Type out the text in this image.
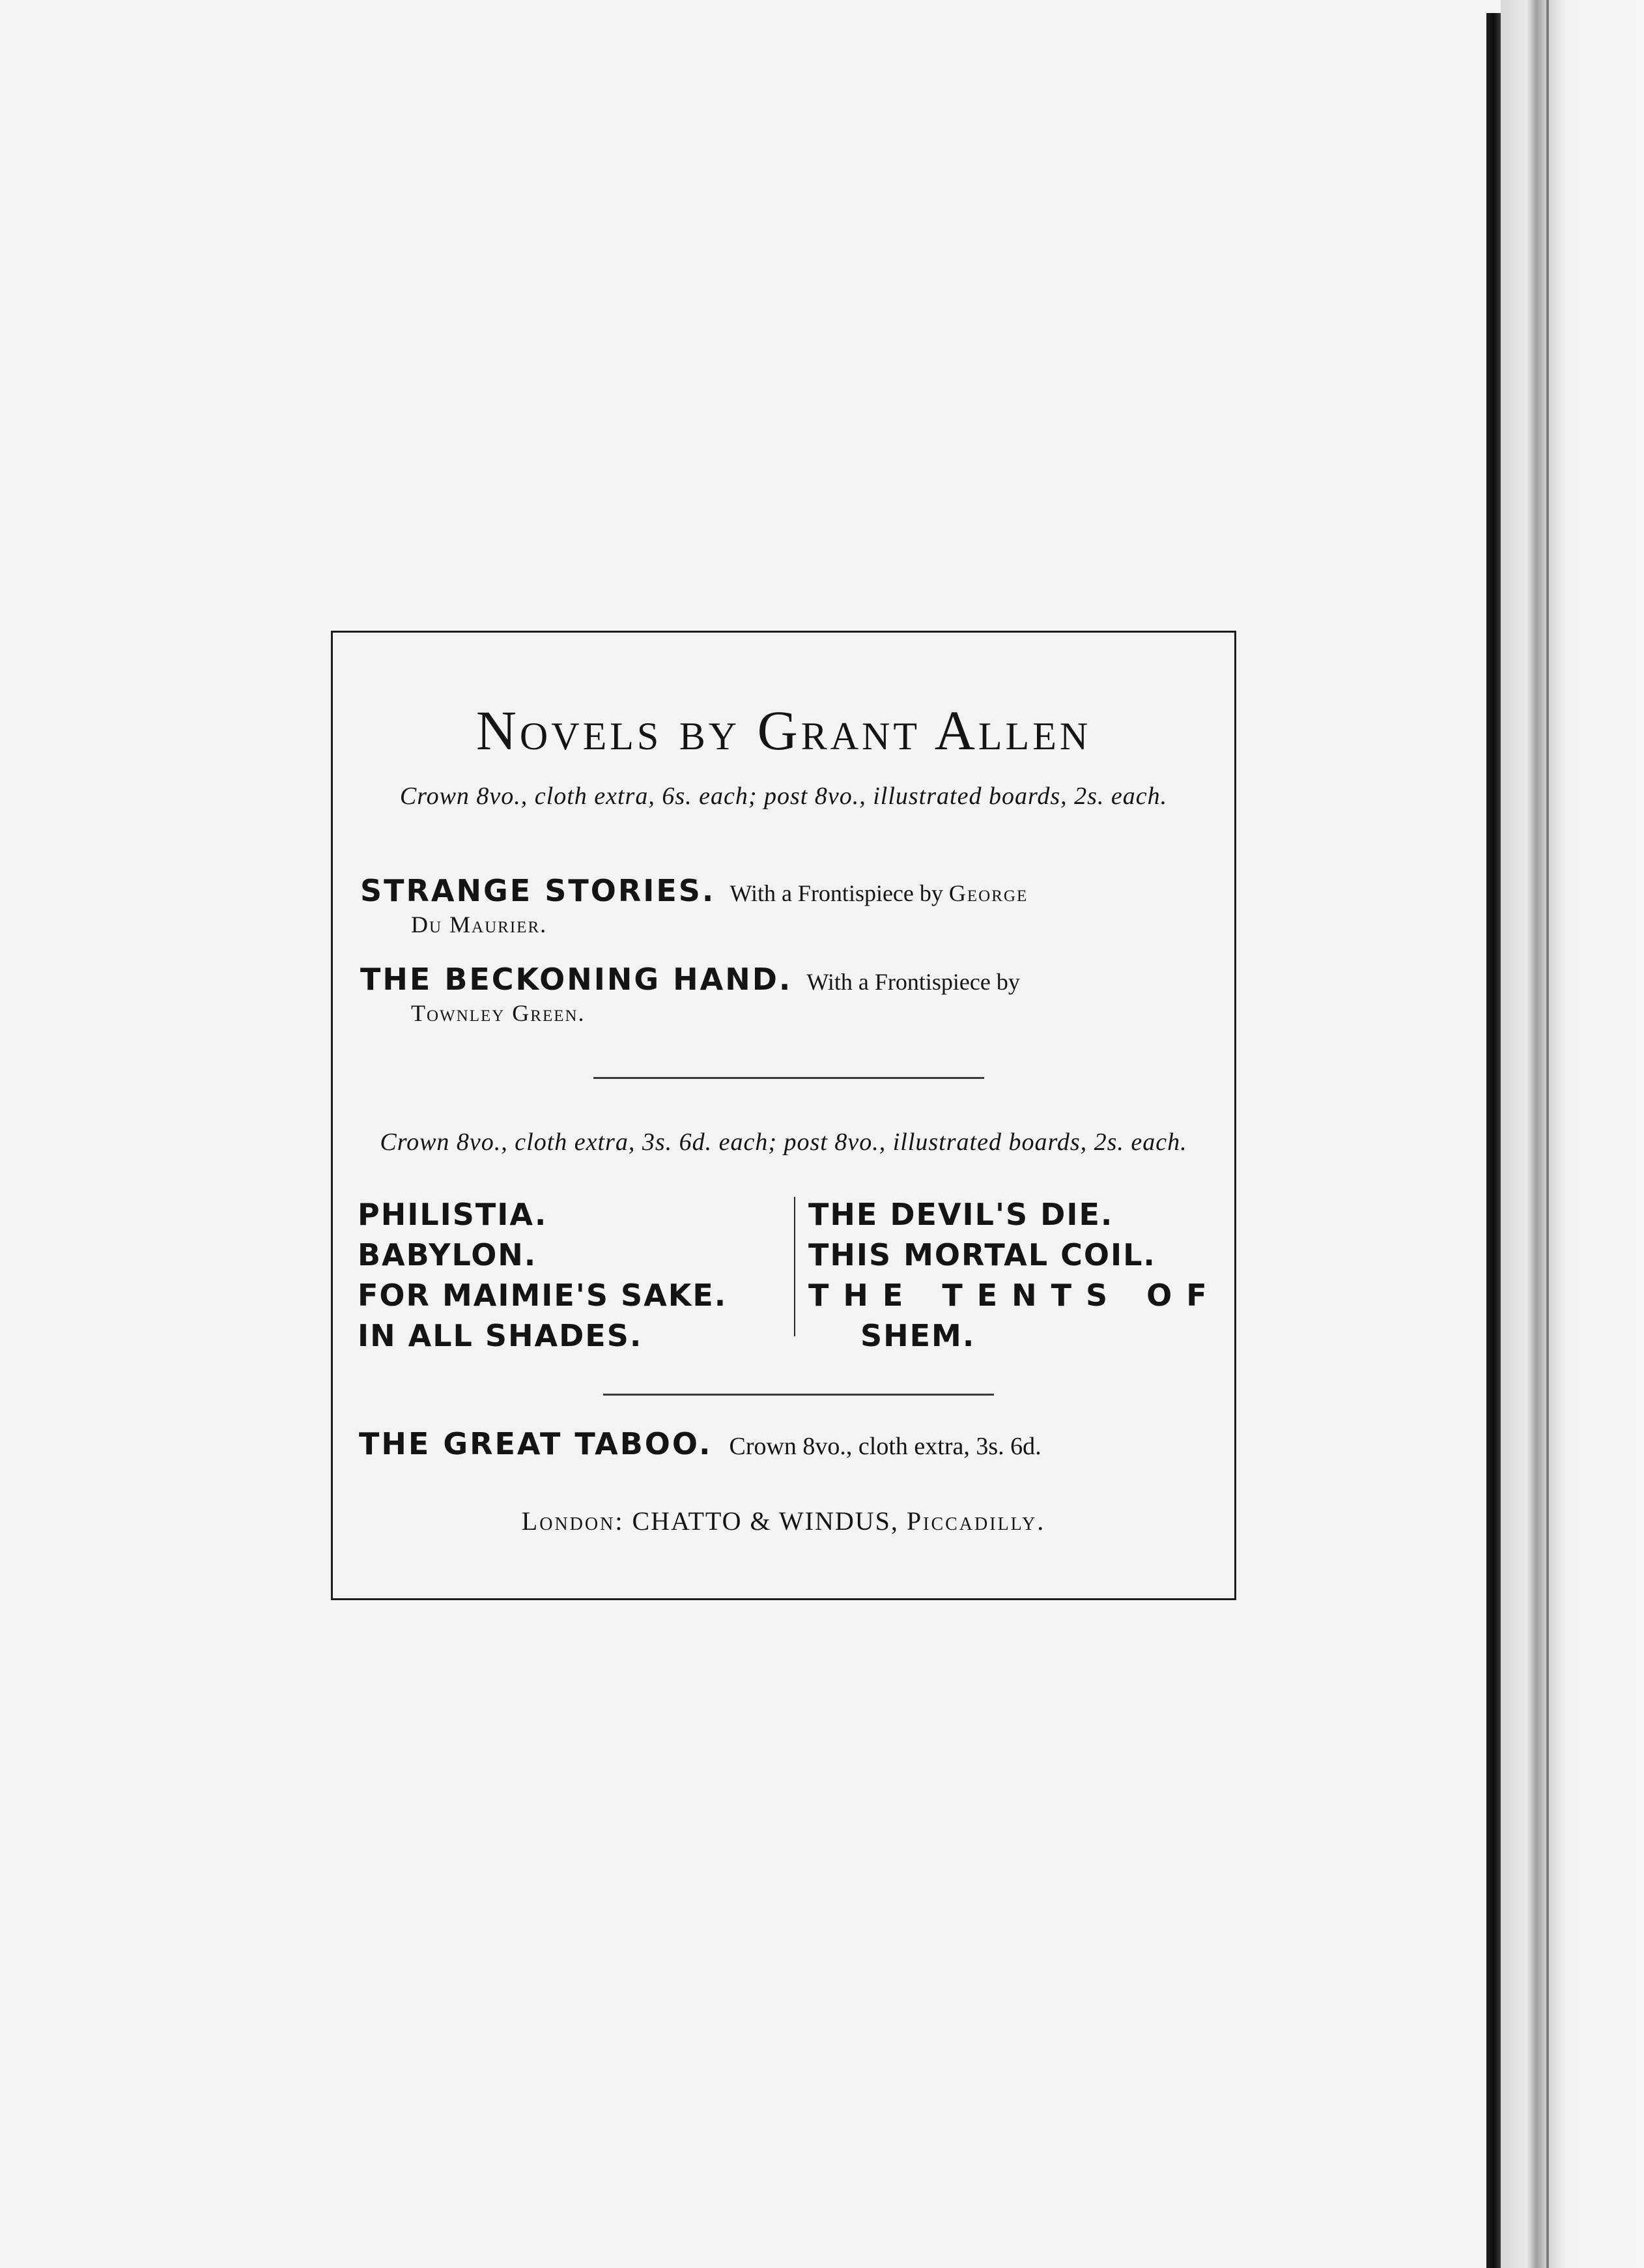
Novels by Grant Allen
Crown 8vo., cloth extra, 6s. each; post 8vo., illustrated boards, 2s. each.
STRANGE STORIES. With a Frontispiece by George
Du Maurier.
THE BECKONING HAND. With a Frontispiece by
Townley Green.
Crown 8vo., cloth extra, 3s. 6d. each; post 8vo., illustrated boards, 2s. each.
PHILISTIA.
BABYLON.
FOR MAIMIE'S SAKE.
IN ALL SHADES.
THE DEVIL'S DIE.
THIS MORTAL COIL.
THE TENTS OF
SHEM.
THE GREAT TABOO. Crown 8vo., cloth extra, 3s. 6d.
London: CHATTO & WINDUS, Piccadilly.
